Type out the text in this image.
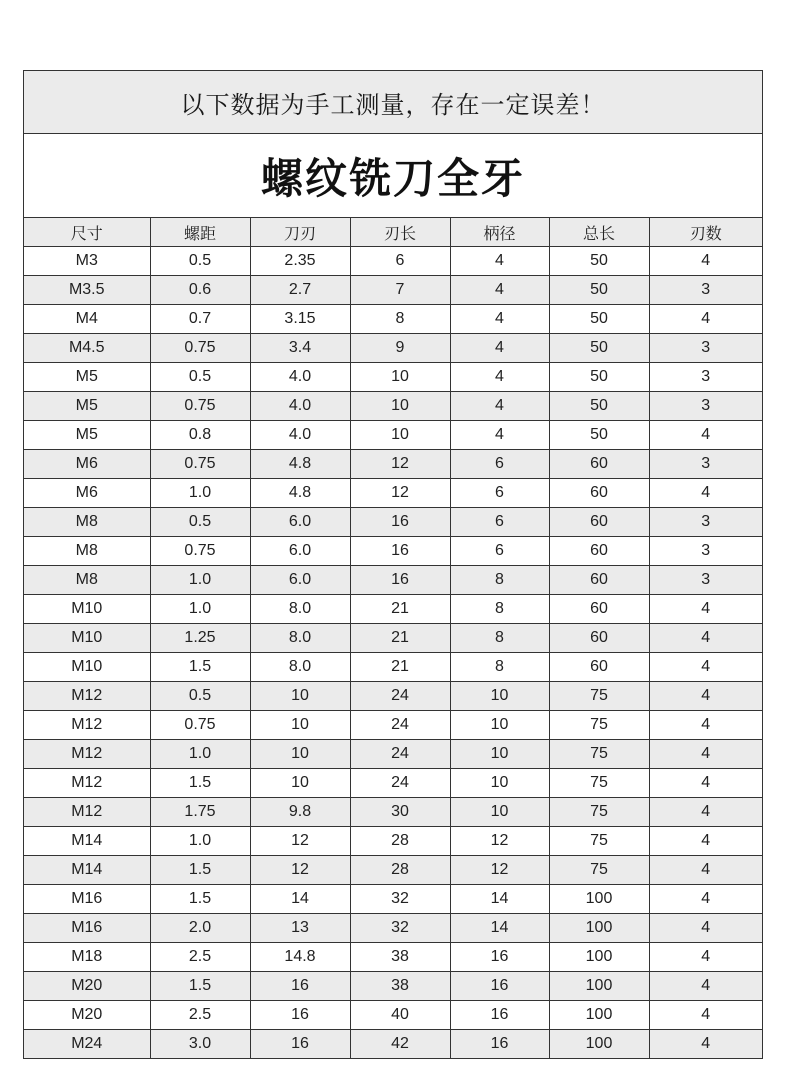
以下数据为手工测量，存在一定误差！
螺纹铣刀全牙
尺寸	螺距	刀刃	刃长	柄径	总长	刃数
M3	0.5	2.35	6	4	50	4
M3.5	0.6	2.7	7	4	50	3
M4	0.7	3.15	8	4	50	4
M4.5	0.75	3.4	9	4	50	3
M5	0.5	4.0	10	4	50	3
M5	0.75	4.0	10	4	50	3
M5	0.8	4.0	10	4	50	4
M6	0.75	4.8	12	6	60	3
M6	1.0	4.8	12	6	60	4
M8	0.5	6.0	16	6	60	3
M8	0.75	6.0	16	6	60	3
M8	1.0	6.0	16	8	60	3
M10	1.0	8.0	21	8	60	4
M10	1.25	8.0	21	8	60	4
M10	1.5	8.0	21	8	60	4
M12	0.5	10	24	10	75	4
M12	0.75	10	24	10	75	4
M12	1.0	10	24	10	75	4
M12	1.5	10	24	10	75	4
M12	1.75	9.8	30	10	75	4
M14	1.0	12	28	12	75	4
M14	1.5	12	28	12	75	4
M16	1.5	14	32	14	100	4
M16	2.0	13	32	14	100	4
M18	2.5	14.8	38	16	100	4
M20	1.5	16	38	16	100	4
M20	2.5	16	40	16	100	4
M24	3.0	16	42	16	100	4
